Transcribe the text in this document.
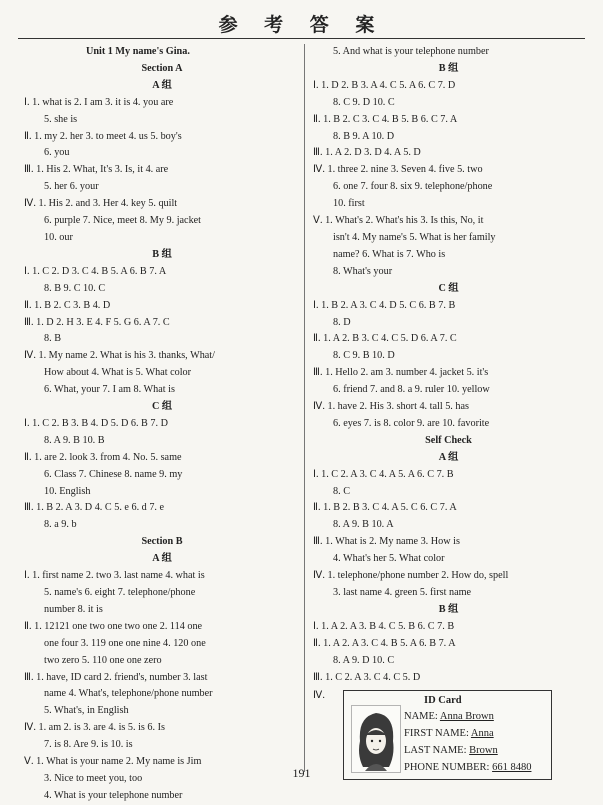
参 考 答 案
Unit 1 My name's Gina.
Section A
A 组
Ⅰ. 1. what is 2. I am 3. it is 4. you are
5. she is
Ⅱ. 1. my 2. her 3. to meet 4. us 5. boy's
6. you
Ⅲ. 1. His 2. What, It's 3. Is, it 4. are
5. her 6. your
Ⅳ. 1. His 2. and 3. Her 4. key 5. quilt
6. purple 7. Nice, meet 8. My 9. jacket
10. our
B 组
Ⅰ. 1. C 2. D 3. C 4. B 5. A 6. B 7. A
8. B 9. C 10. C
Ⅱ. 1. B 2. C 3. B 4. D
Ⅲ. 1. D 2. H 3. E 4. F 5. G 6. A 7. C
8. B
Ⅳ. 1. My name 2. What is his 3. thanks, What/
How about 4. What is 5. What color
6. What, your 7. I am 8. What is
C 组
Ⅰ. 1. C 2. B 3. B 4. D 5. D 6. B 7. D
8. A 9. B 10. B
Ⅱ. 1. are 2. look 3. from 4. No. 5. same
6. Class 7. Chinese 8. name 9. my
10. English
Ⅲ. 1. B 2. A 3. D 4. C 5. e 6. d 7. e
8. a 9. b
Section B
A 组
Ⅰ. 1. first name 2. two 3. last name 4. what is
5. name's 6. eight 7. telephone/phone
number 8. it is
Ⅱ. 1. 12121 one two one two one 2. 114 one
one four 3. 119 one one nine 4. 120 one
two zero 5. 110 one one zero
Ⅲ. 1. have, ID card 2. friend's, number 3. last
name 4. What's, telephone/phone number
5. What's, in English
Ⅳ. 1. am 2. is 3. are 4. is 5. is 6. Is
7. is 8. Are 9. is 10. is
Ⅴ. 1. What is your name 2. My name is Jim
3. Nice to meet you, too
4. What is your telephone number
5. And what is your telephone number
B 组
Ⅰ. 1. D 2. B 3. A 4. C 5. A 6. C 7. D
8. C 9. D 10. C
Ⅱ. 1. B 2. C 3. C 4. B 5. B 6. C 7. A
8. B 9. A 10. D
Ⅲ. 1. A 2. D 3. D 4. A 5. D
Ⅳ. 1. three 2. nine 3. Seven 4. five 5. two
6. one 7. four 8. six 9. telephone/phone
10. first
Ⅴ. 1. What's 2. What's his 3. Is this, No, it
isn't 4. My name's 5. What is her family
name? 6. What is 7. Who is
8. What's your
C 组
Ⅰ. 1. B 2. A 3. C 4. D 5. C 6. B 7. B
8. D
Ⅱ. 1. A 2. B 3. C 4. C 5. D 6. A 7. C
8. C 9. B 10. D
Ⅲ. 1. Hello 2. am 3. number 4. jacket 5. it's
6. friend 7. and 8. a 9. ruler 10. yellow
Ⅳ. 1. have 2. His 3. short 4. tall 5. has
6. eyes 7. is 8. color 9. are 10. favorite
Self Check
A 组
Ⅰ. 1. C 2. A 3. C 4. A 5. A 6. C 7. B
8. C
Ⅱ. 1. B 2. B 3. C 4. A 5. C 6. C 7. A
8. A 9. B 10. A
Ⅲ. 1. What is 2. My name 3. How is
4. What's her 5. What color
Ⅳ. 1. telephone/phone number 2. How do, spell
3. last name 4. green 5. first name
B 组
Ⅰ. 1. A 2. A 3. B 4. C 5. B 6. C 7. B
Ⅱ. 1. A 2. A 3. C 4. B 5. A 6. B 7. A
8. A 9. D 10. C
Ⅲ. 1. C 2. A 3. C 4. C 5. D
Ⅳ.	ID Card
NAME: Anna Brown
FIRST NAME: Anna
LAST NAME: Brown
PHONE NUMBER: 661 8480
191
